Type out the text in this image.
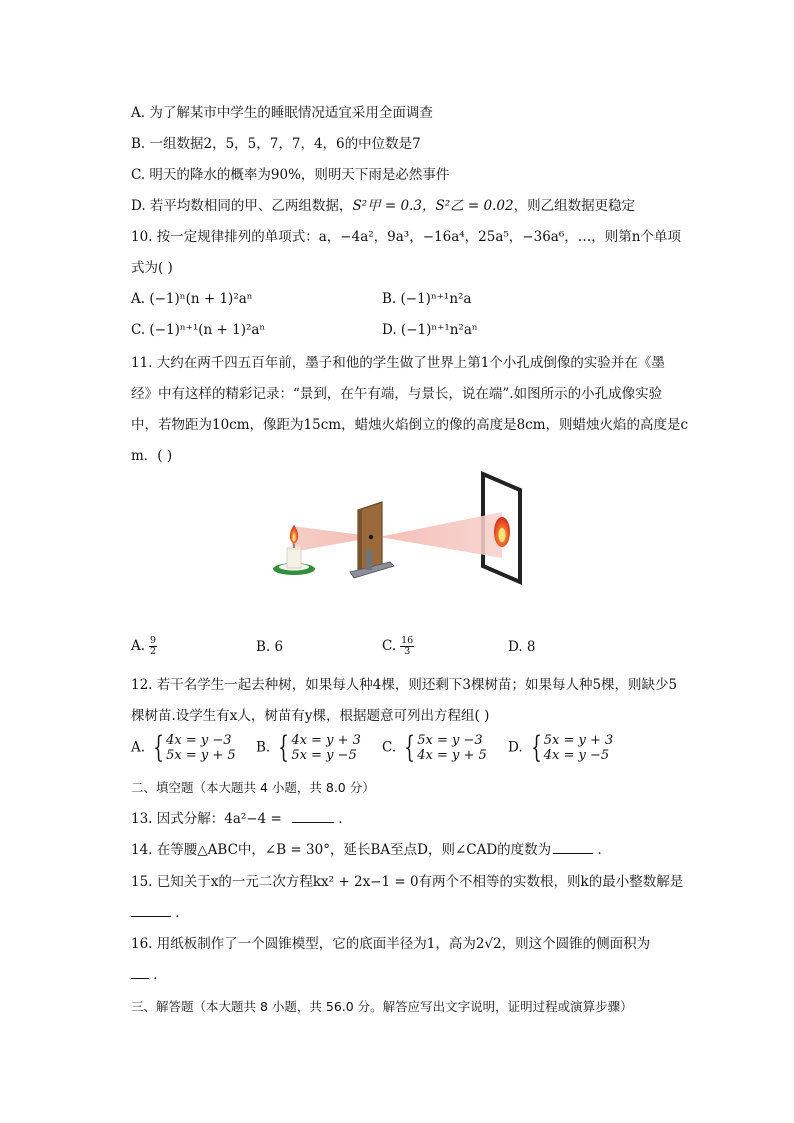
A. 为了解某市中学生的睡眠情况适宜采用全面调查
B. 一组数据2，5，5，7，7，4，6的中位数是7
C. 明天的降水的概率为90%，则明天下雨是必然事件
D. 若平均数相同的甲、乙两组数据，S²甲 = 0.3，S²乙 = 0.02，则乙组数据更稳定
10. 按一定规律排列的单项式：a，−4a²，9a³，−16a⁴，25a⁵，−36a⁶，…，则第n个单项
式为( )
A. (−1)ⁿ(n + 1)²aⁿ	B. (−1)ⁿ⁺¹n²a
C. (−1)ⁿ⁺¹(n + 1)²aⁿ	D. (−1)ⁿ⁺¹n²aⁿ
11. 大约在两千四五百年前，墨子和他的学生做了世界上第1个小孔成倒像的实验并在《墨
经》中有这样的精彩记录：“景到，在午有端，与景长，说在端”.如图所示的小孔成像实验
中，若物距为10cm，像距为15cm，蜡烛火焰倒立的像的高度是8cm，则蜡烛火焰的高度是c
m．( )
A. $\frac{9}{2}$	B. 6	C. $\frac{16}{3}$	D. 8
12. 若干名学生一起去种树，如果每人种4棵，则还剩下3棵树苗；如果每人种5棵，则缺少5
棵树苗.设学生有x人，树苗有y棵，根据题意可列出方程组( )
A. { 4x = y −3
5x = y + 5 B. { 4x = y + 3
5x = y −5	C. { 5x = y −3
4x = y + 5 D. { 5x = y + 3
4x = y −5
二、填空题（本大题共 4 小题，共 8.0 分）
13. 因式分解：4a²−4 =	．
14. 在等腰△ABC中，∠B = 30°，延长BA至点D，则∠CAD的度数为	．
15. 已知关于x的一元二次方程kx² + 2x−1 = 0有两个不相等的实数根，则k的最小整数解是
．
16. 用纸板制作了一个圆锥模型，它的底面半径为1，高为2√2，则这个圆锥的侧面积为
．
三、解答题（本大题共 8 小题，共 56.0 分。解答应写出文字说明，证明过程或演算步骤）
